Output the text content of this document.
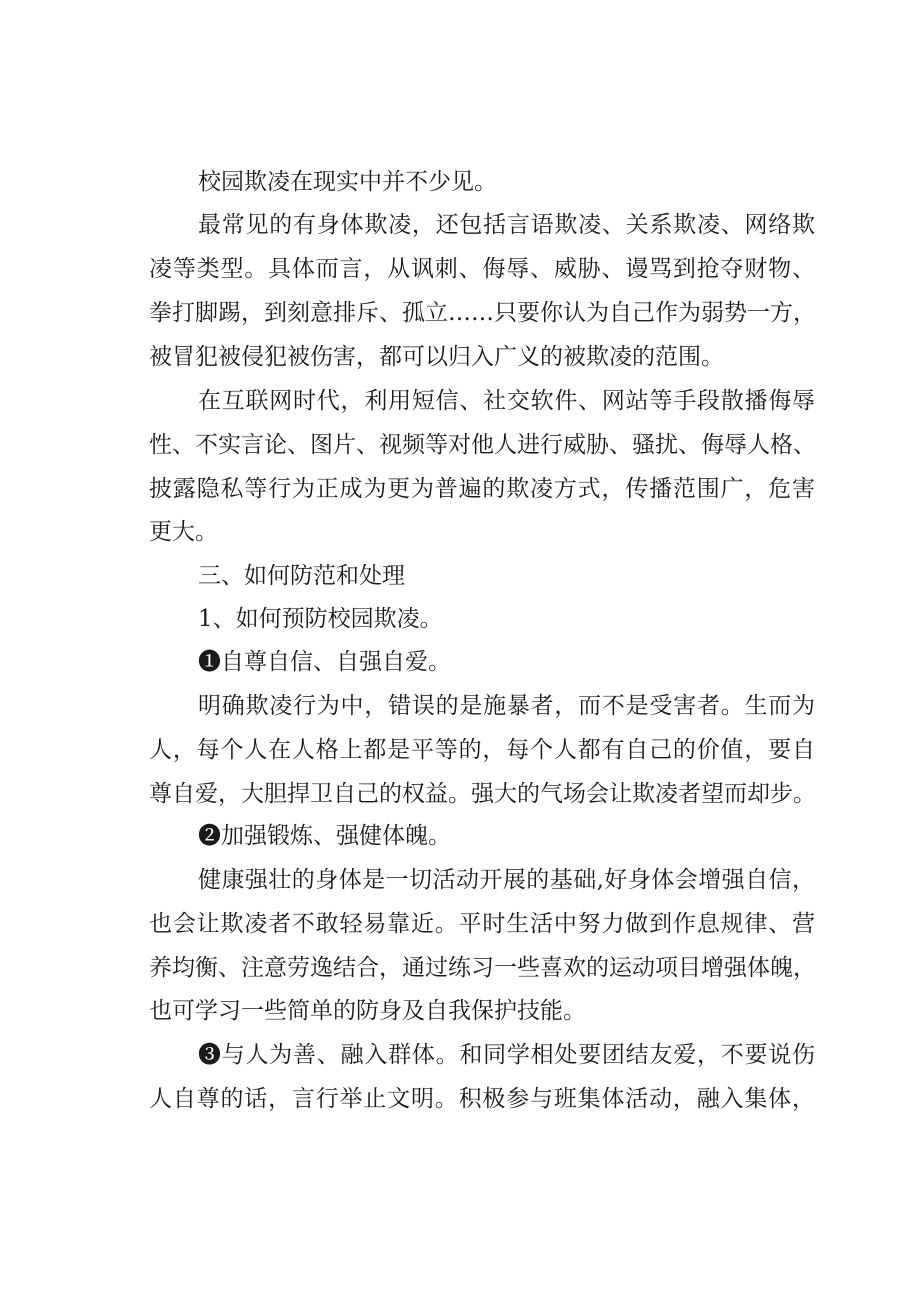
校园欺凌在现实中并不少见。
最常见的有身体欺凌，还包括言语欺凌、关系欺凌、网络欺
凌等类型。具体而言，从讽刺、侮辱、威胁、谩骂到抢夺财物、
拳打脚踢，到刻意排斥、孤立……只要你认为自己作为弱势一方，
被冒犯被侵犯被伤害，都可以归入广义的被欺凌的范围。
在互联网时代，利用短信、社交软件、网站等手段散播侮辱
性、不实言论、图片、视频等对他人进行威胁、骚扰、侮辱人格、
披露隐私等行为正成为更为普遍的欺凌方式，传播范围广，危害
更大。
三、如何防范和处理
1、如何预防校园欺凌。
❶自尊自信、自强自爱。
明确欺凌行为中，错误的是施暴者，而不是受害者。生而为
人，每个人在人格上都是平等的，每个人都有自己的价值，要自
尊自爱，大胆捍卫自己的权益。强大的气场会让欺凌者望而却步。
❷加强锻炼、强健体魄。
健康强壮的身体是一切活动开展的基础,好身体会增强自信，
也会让欺凌者不敢轻易靠近。平时生活中努力做到作息规律、营
养均衡、注意劳逸结合，通过练习一些喜欢的运动项目增强体魄，
也可学习一些简单的防身及自我保护技能。
❸与人为善、融入群体。和同学相处要团结友爱，不要说伤
人自尊的话，言行举止文明。积极参与班集体活动，融入集体，
